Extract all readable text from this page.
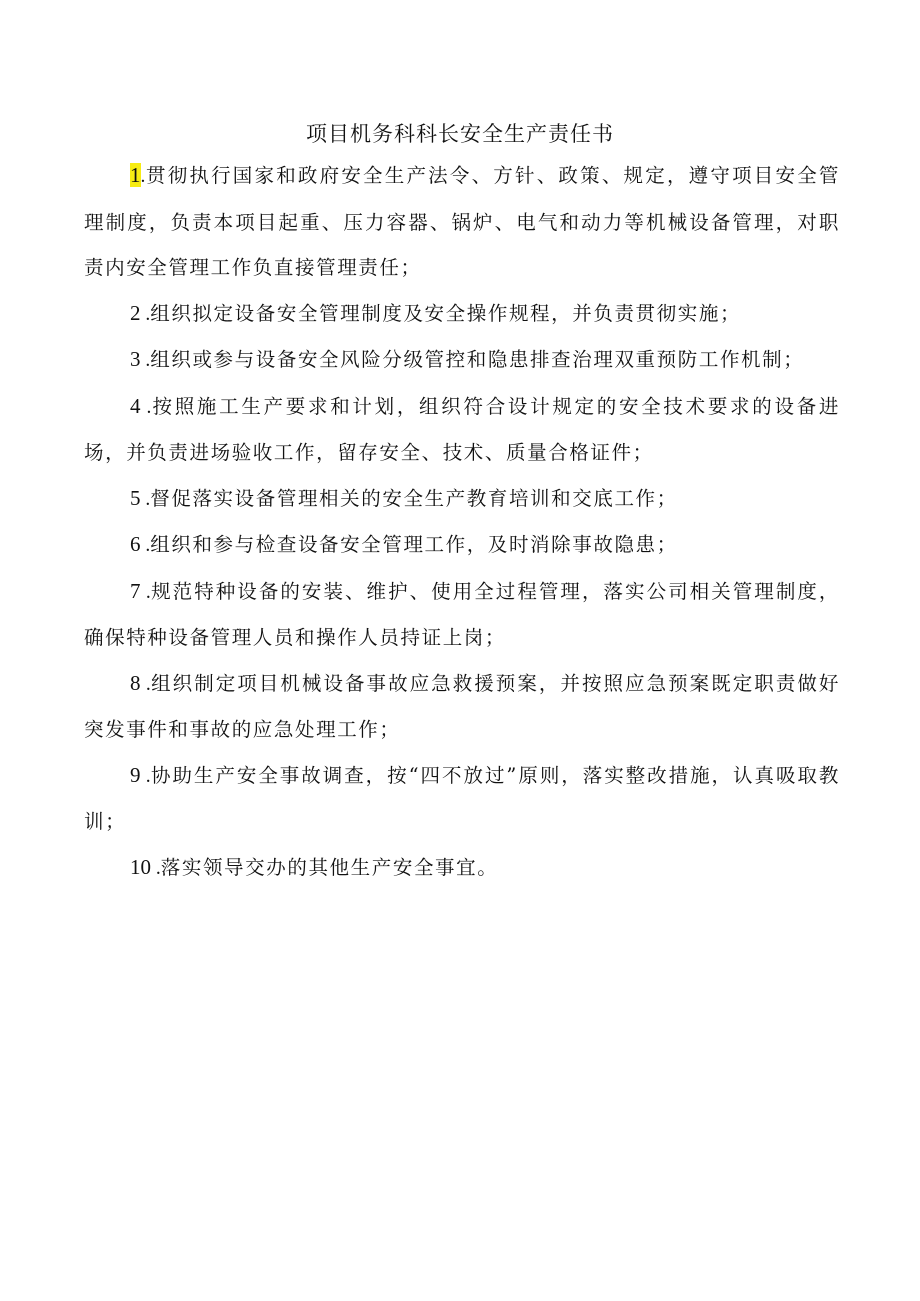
项目机务科科长安全生产责任书

1.贯彻执行国家和政府安全生产法令、方针、政策、规定，遵守项目安全管理制度，负责本项目起重、压力容器、锅炉、电气和动力等机械设备管理，对职责内安全管理工作负直接管理责任；

2 .组织拟定设备安全管理制度及安全操作规程，并负责贯彻实施；

3 .组织或参与设备安全风险分级管控和隐患排查治理双重预防工作机制；

4 .按照施工生产要求和计划，组织符合设计规定的安全技术要求的设备进场，并负责进场验收工作，留存安全、技术、质量合格证件；

5 .督促落实设备管理相关的安全生产教育培训和交底工作；

6 .组织和参与检查设备安全管理工作，及时消除事故隐患；

7 .规范特种设备的安装、维护、使用全过程管理，落实公司相关管理制度，确保特种设备管理人员和操作人员持证上岗；

8 .组织制定项目机械设备事故应急救援预案，并按照应急预案既定职责做好突发事件和事故的应急处理工作；

9 .协助生产安全事故调查，按“四不放过”原则，落实整改措施，认真吸取教训；

10 .落实领导交办的其他生产安全事宜。
